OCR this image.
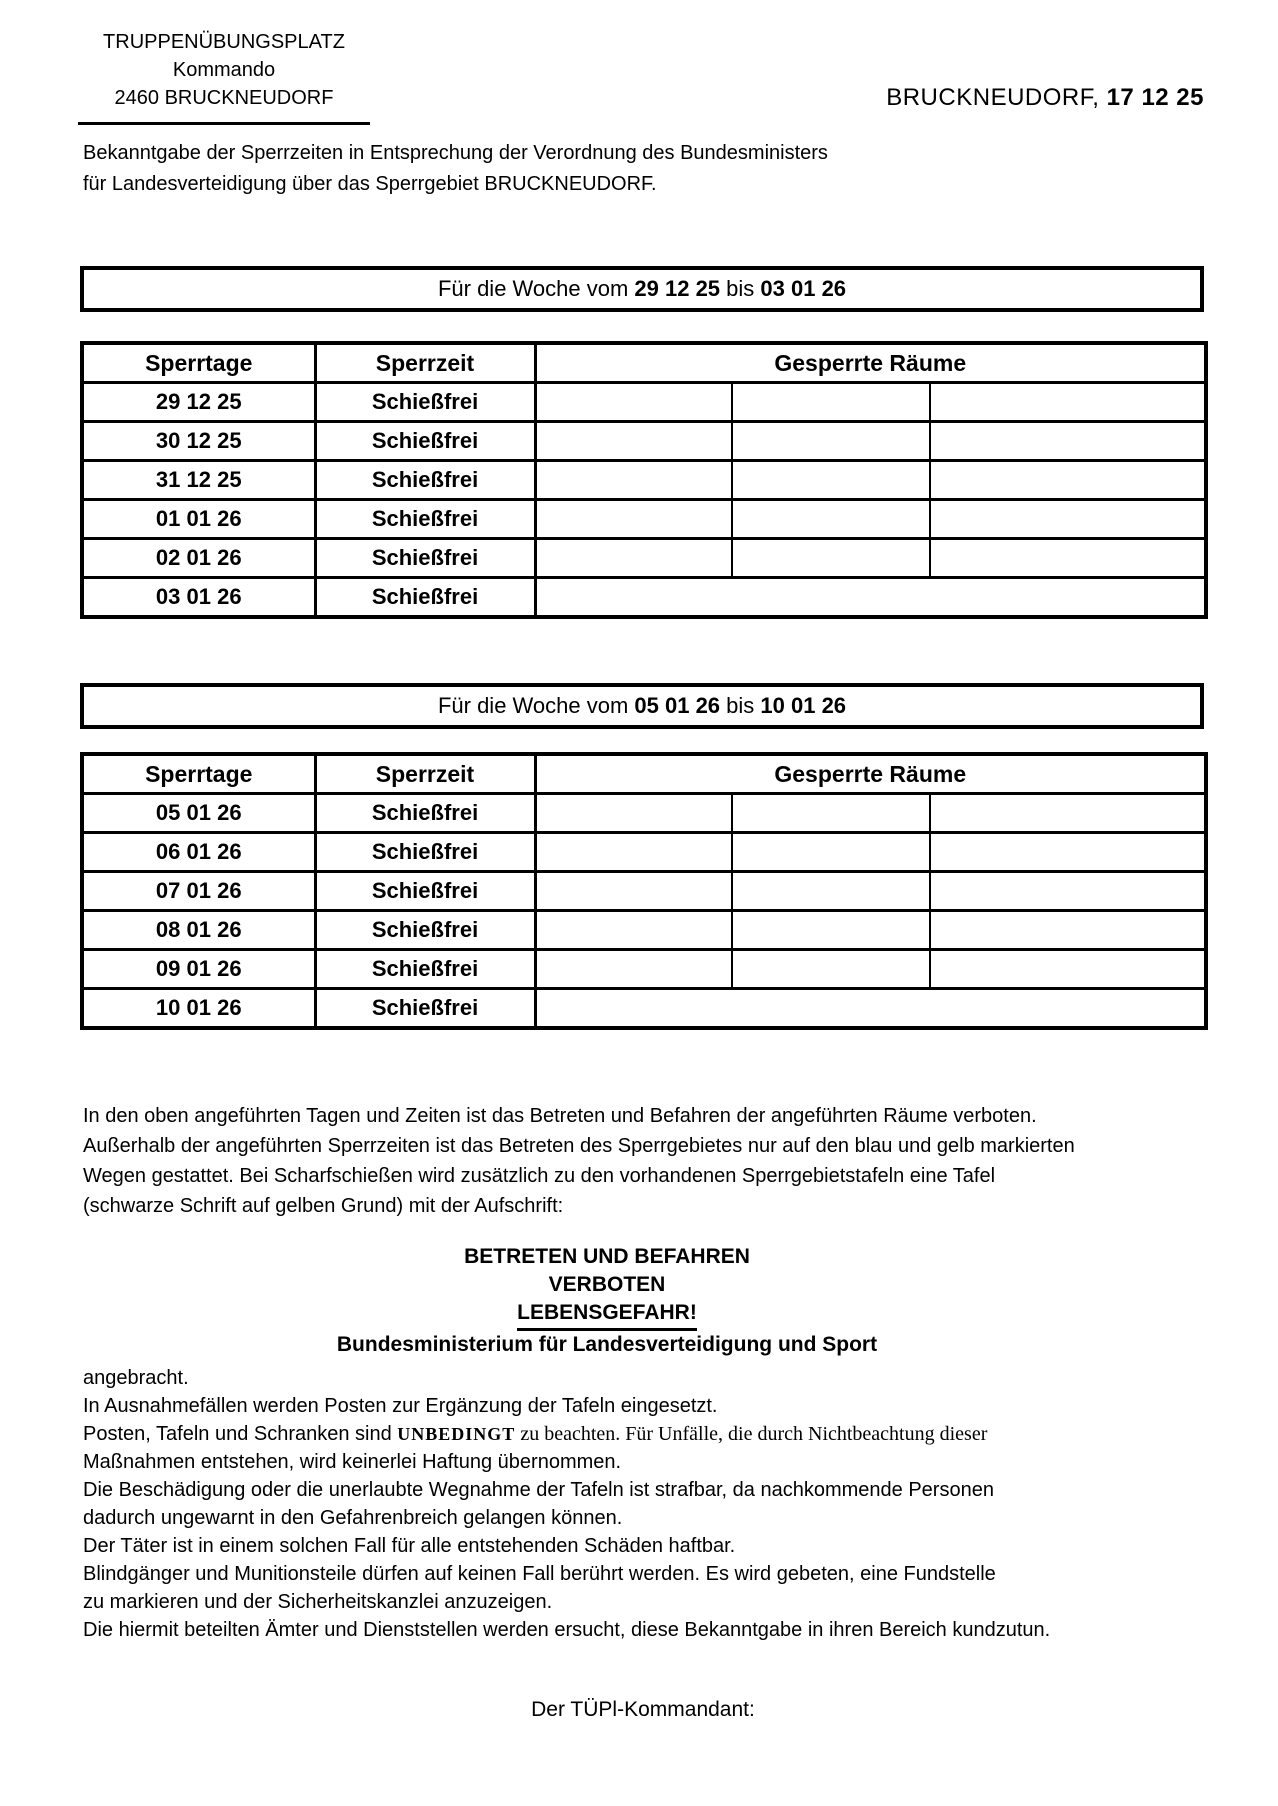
TRUPPENÜBUNGSPLATZ
Kommando
2460 BRUCKNEUDORF	BRUCKNEUDORF, 17 12 25
Bekanntgabe der Sperrzeiten in Entsprechung der Verordnung des Bundesministers
für Landesverteidigung über das Sperrgebiet BRUCKNEUDORF.
Für die Woche vom 29 12 25 bis 03 01 26
Sperrtage	Sperrzeit	Gesperrte Räume		
29 12 25	Schießfrei			
30 12 25	Schießfrei			
31 12 25	Schießfrei			
01 01 26	Schießfrei			
02 01 26	Schießfrei			
03 01 26	Schießfrei			
Für die Woche vom 05 01 26 bis 10 01 26
Sperrtage	Sperrzeit	Gesperrte Räume		
05 01 26	Schießfrei			
06 01 26	Schießfrei			
07 01 26	Schießfrei			
08 01 26	Schießfrei			
09 01 26	Schießfrei			
10 01 26	Schießfrei			
In den oben angeführten Tagen und Zeiten ist das Betreten und Befahren der angeführten Räume verboten.
Außerhalb der angeführten Sperrzeiten ist das Betreten des Sperrgebietes nur auf den blau und gelb markierten
Wegen gestattet. Bei Scharfschießen wird zusätzlich zu den vorhandenen Sperrgebietstafeln eine Tafel
(schwarze Schrift auf gelben Grund) mit der Aufschrift:
BETRETEN UND BEFAHREN
VERBOTEN
LEBENSGEFAHR!
Bundesministerium für Landesverteidigung und Sport
angebracht.
In Ausnahmefällen werden Posten zur Ergänzung der Tafeln eingesetzt.
Posten, Tafeln und Schranken sind UNBEDINGT zu beachten. Für Unfälle, die durch Nichtbeachtung dieser
Maßnahmen entstehen, wird keinerlei Haftung übernommen.
Die Beschädigung oder die unerlaubte Wegnahme der Tafeln ist strafbar, da nachkommende Personen
dadurch ungewarnt in den Gefahrenbreich gelangen können.
Der Täter ist in einem solchen Fall für alle entstehenden Schäden haftbar.
Blindgänger und Munitionsteile dürfen auf keinen Fall berührt werden. Es wird gebeten, eine Fundstelle
zu markieren und der Sicherheitskanzlei anzuzeigen.
Die hiermit beteilten Ämter und Dienststellen werden ersucht, diese Bekanntgabe in ihren Bereich kundzutun.
Der TÜPl-Kommandant:
